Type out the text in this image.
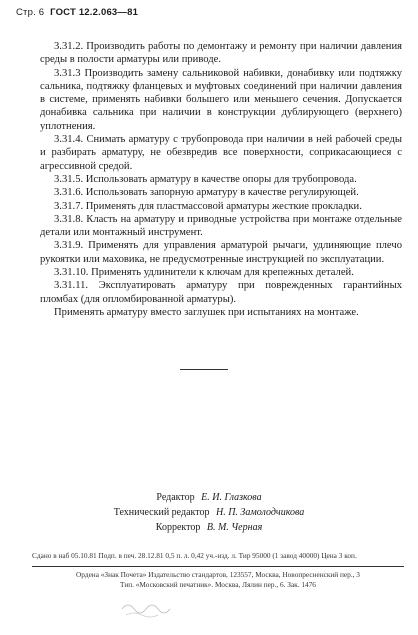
Стр. 6 ГОСТ 12.2.063—81

3.31.2. Производить работы по демонтажу и ремонту при наличии давления среды в полости арматуры или приводе.

3.31.3 Производить замену сальниковой набивки, донабивку или подтяжку сальника, подтяжку фланцевых и муфтовых соединений при наличии давления в системе, применять набивки большего или меньшего сечения. Допускается донабивка сальника при наличии в конструкции дублирующего (верхнего) уплотнения.

3.31.4. Снимать арматуру с трубопровода при наличии в ней рабочей среды и разбирать арматуру, не обезвредив все поверхности, соприкасающиеся с агрессивной средой.

3.31.5. Использовать арматуру в качестве опоры для трубопровода.

3.31.6. Использовать запорную арматуру в качестве регулирующей.

3.31.7. Применять для пластмассовой арматуры жесткие прокладки.

3.31.8. Класть на арматуру и приводные устройства при монтаже отдельные детали или монтажный инструмент.

3.31.9. Применять для управления арматурой рычаги, удлиняющие плечо рукоятки или маховика, не предусмотренные инструкцией по эксплуатации.

3.31.10. Применять удлинители к ключам для крепежных деталей.

3.31.11. Эксплуатировать арматуру при поврежденных гарантийных пломбах (для опломбированной арматуры).

Применять арматуру вместо заглушек при испытаниях на монтаже.

Редактор Е. И. Глазкова
Технический редактор Н. П. Замолодчикова
Корректор В. М. Черная
Сдано в наб 05.10.81 Подп. в печ. 28.12.81 0,5 п. л. 0,42 уч.-изд. л. Тир 95000 (1 завод 40000) Цена 3 коп.
Ордена «Знак Почета» Издательство стандартов, 123557, Москва, Новопресненский пер., 3
Тип. «Московский печатник». Москва, Лялин пер., 6. Зак. 1476
